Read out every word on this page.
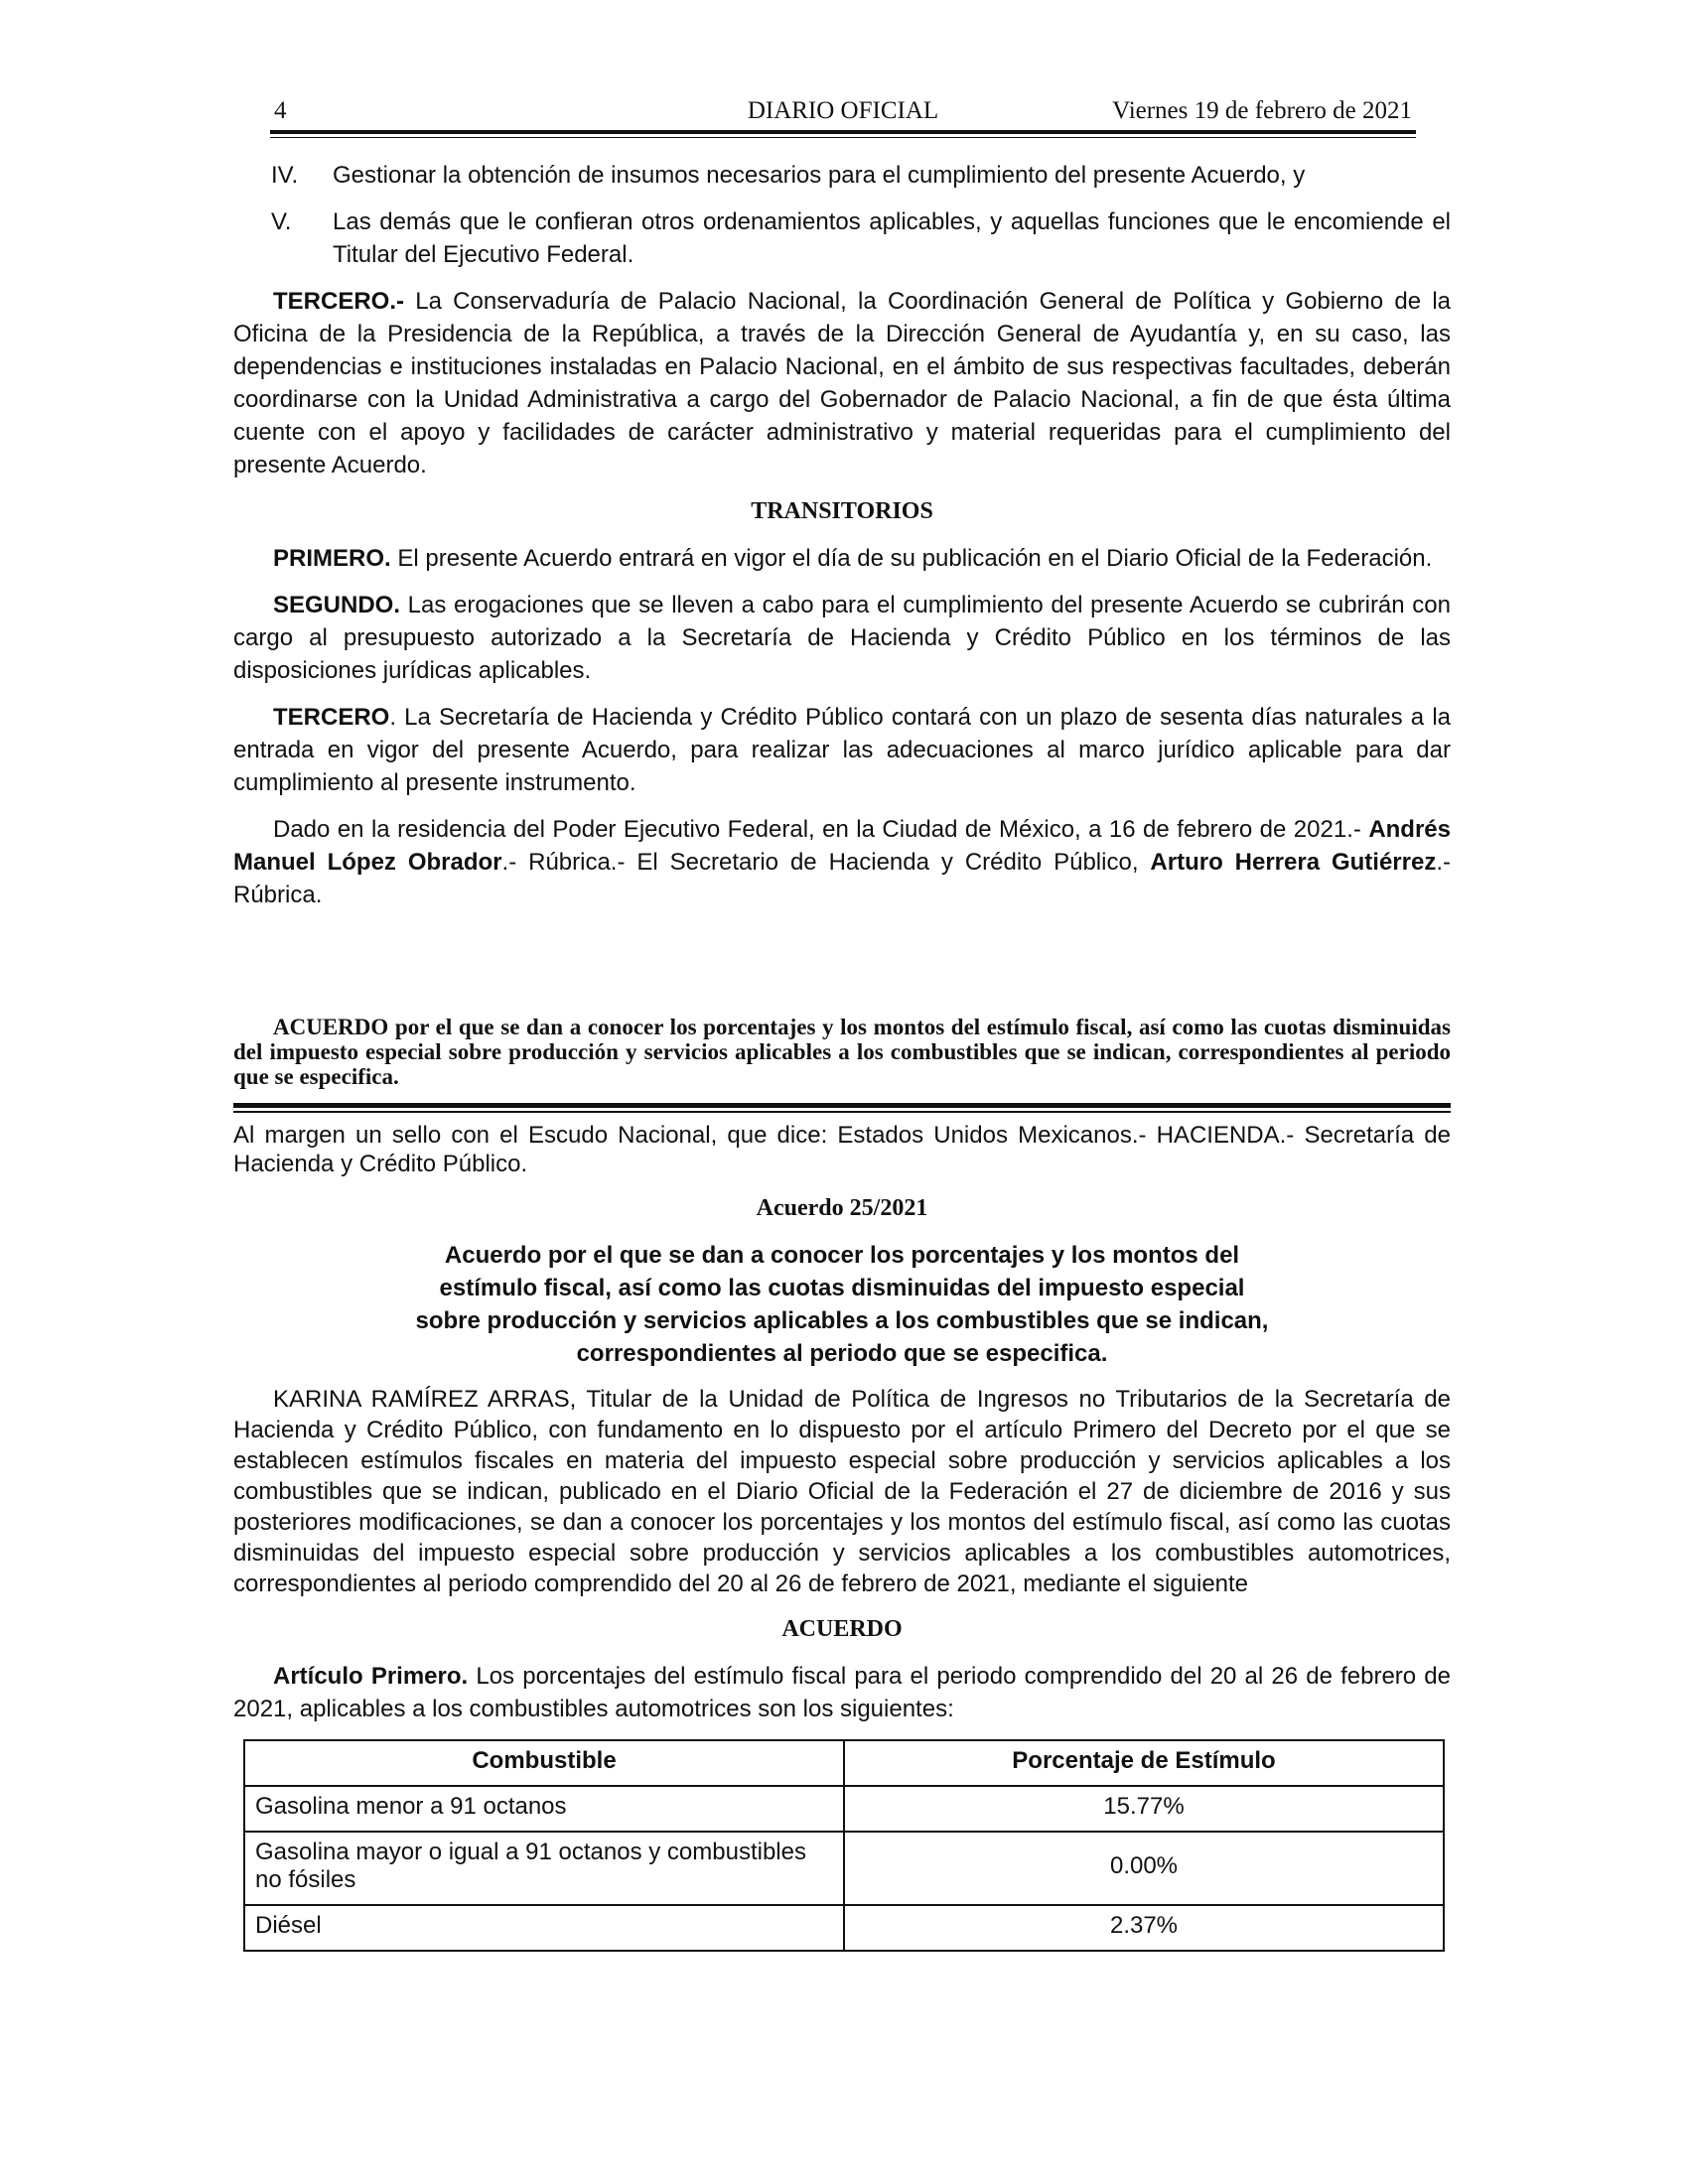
4	DIARIO OFICIAL	Viernes 19 de febrero de 2021
IV. Gestionar la obtención de insumos necesarios para el cumplimiento del presente Acuerdo, y
V. Las demás que le confieran otros ordenamientos aplicables, y aquellas funciones que le encomiende el Titular del Ejecutivo Federal.

TERCERO.- La Conservaduría de Palacio Nacional, la Coordinación General de Política y Gobierno de la Oficina de la Presidencia de la República, a través de la Dirección General de Ayudantía y, en su caso, las dependencias e instituciones instaladas en Palacio Nacional, en el ámbito de sus respectivas facultades, deberán coordinarse con la Unidad Administrativa a cargo del Gobernador de Palacio Nacional, a fin de que ésta última cuente con el apoyo y facilidades de carácter administrativo y material requeridas para el cumplimiento del presente Acuerdo.

TRANSITORIOS

PRIMERO. El presente Acuerdo entrará en vigor el día de su publicación en el Diario Oficial de la Federación.

SEGUNDO. Las erogaciones que se lleven a cabo para el cumplimiento del presente Acuerdo se cubrirán con cargo al presupuesto autorizado a la Secretaría de Hacienda y Crédito Público en los términos de las disposiciones jurídicas aplicables.

TERCERO. La Secretaría de Hacienda y Crédito Público contará con un plazo de sesenta días naturales a la entrada en vigor del presente Acuerdo, para realizar las adecuaciones al marco jurídico aplicable para dar cumplimiento al presente instrumento.

Dado en la residencia del Poder Ejecutivo Federal, en la Ciudad de México, a 16 de febrero de 2021.- Andrés Manuel López Obrador.- Rúbrica.- El Secretario de Hacienda y Crédito Público, Arturo Herrera Gutiérrez.- Rúbrica.

ACUERDO por el que se dan a conocer los porcentajes y los montos del estímulo fiscal, así como las cuotas disminuidas del impuesto especial sobre producción y servicios aplicables a los combustibles que se indican, correspondientes al periodo que se especifica.

Al margen un sello con el Escudo Nacional, que dice: Estados Unidos Mexicanos.- HACIENDA.- Secretaría de Hacienda y Crédito Público.

Acuerdo 25/2021
Acuerdo por el que se dan a conocer los porcentajes y los montos del estímulo fiscal, así como las cuotas disminuidas del impuesto especial sobre producción y servicios aplicables a los combustibles que se indican, correspondientes al periodo que se especifica.

KARINA RAMÍREZ ARRAS, Titular de la Unidad de Política de Ingresos no Tributarios de la Secretaría de Hacienda y Crédito Público, con fundamento en lo dispuesto por el artículo Primero del Decreto por el que se establecen estímulos fiscales en materia del impuesto especial sobre producción y servicios aplicables a los combustibles que se indican, publicado en el Diario Oficial de la Federación el 27 de diciembre de 2016 y sus posteriores modificaciones, se dan a conocer los porcentajes y los montos del estímulo fiscal, así como las cuotas disminuidas del impuesto especial sobre producción y servicios aplicables a los combustibles automotrices, correspondientes al periodo comprendido del 20 al 26 de febrero de 2021, mediante el siguiente

ACUERDO

Artículo Primero. Los porcentajes del estímulo fiscal para el periodo comprendido del 20 al 26 de febrero de 2021, aplicables a los combustibles automotrices son los siguientes:

Combustible	Porcentaje de Estímulo
Gasolina menor a 91 octanos	15.77%
Gasolina mayor o igual a 91 octanos y combustibles no fósiles	0.00%
Diésel	2.37%
